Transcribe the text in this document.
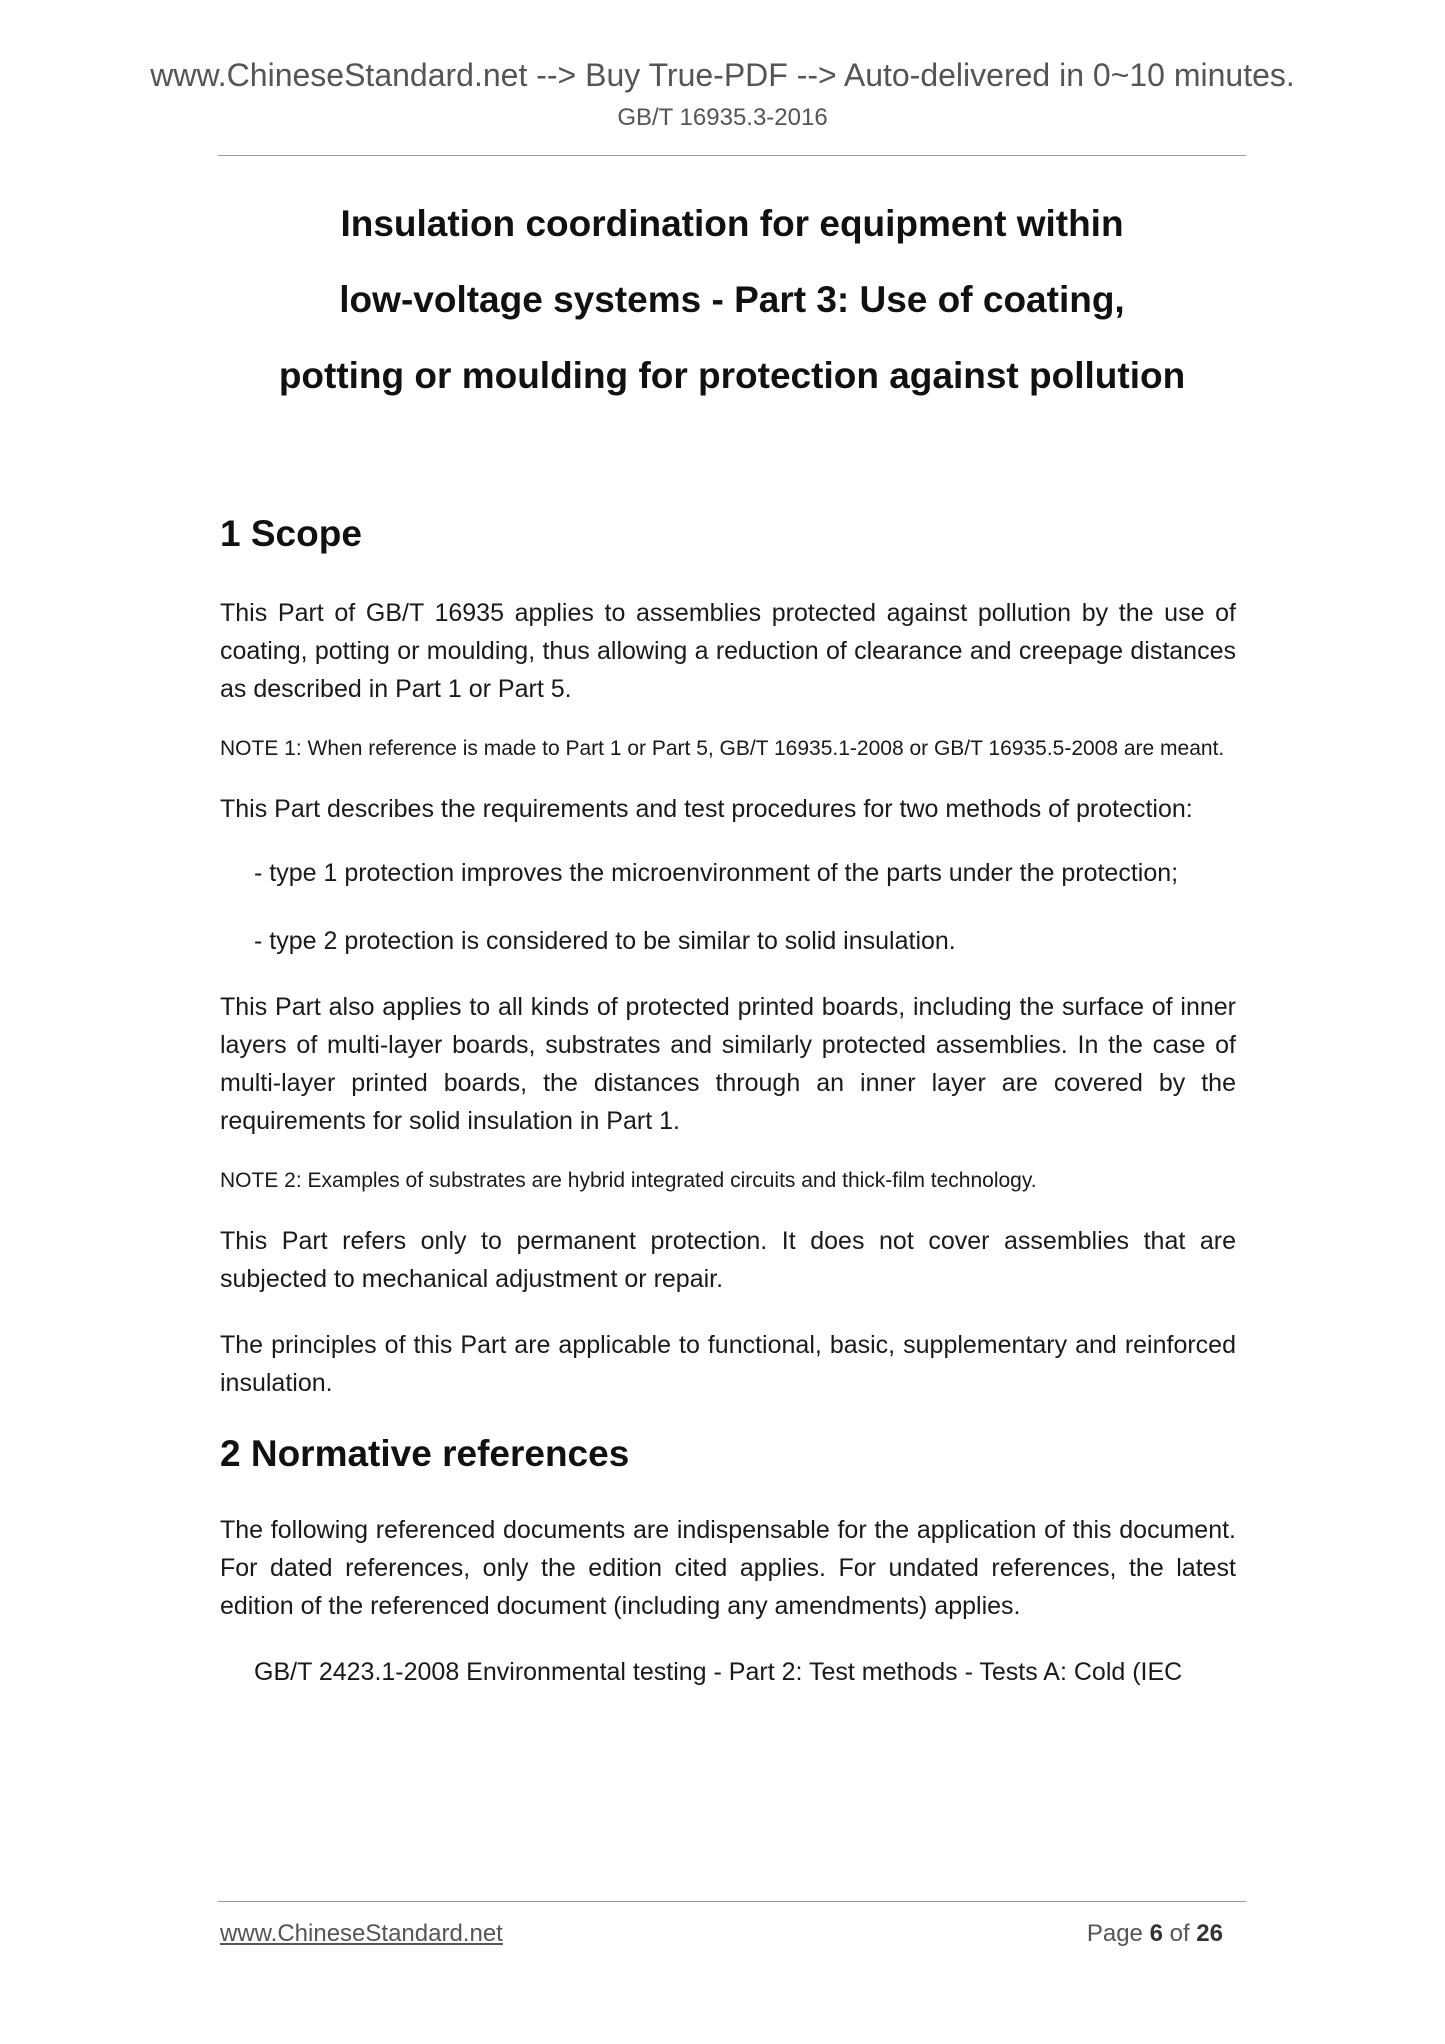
www.ChineseStandard.net --> Buy True-PDF --> Auto-delivered in 0~10 minutes.
GB/T 16935.3-2016
Insulation coordination for equipment within
low-voltage systems - Part 3: Use of coating,
potting or moulding for protection against pollution
1 Scope

This Part of GB/T 16935 applies to assemblies protected against pollution by the use of coating, potting or moulding, thus allowing a reduction of clearance and creepage distances as described in Part 1 or Part 5.

NOTE 1: When reference is made to Part 1 or Part 5, GB/T 16935.1-2008 or GB/T 16935.5-2008 are meant.

This Part describes the requirements and test procedures for two methods of protection:

- type 1 protection improves the microenvironment of the parts under the protection;

- type 2 protection is considered to be similar to solid insulation.

This Part also applies to all kinds of protected printed boards, including the surface of inner layers of multi-layer boards, substrates and similarly protected assemblies. In the case of multi-layer printed boards, the distances through an inner layer are covered by the requirements for solid insulation in Part 1.

NOTE 2: Examples of substrates are hybrid integrated circuits and thick-film technology.

This Part refers only to permanent protection. It does not cover assemblies that are subjected to mechanical adjustment or repair.

The principles of this Part are applicable to functional, basic, supplementary and reinforced insulation.

2 Normative references

The following referenced documents are indispensable for the application of this document. For dated references, only the edition cited applies. For undated references, the latest edition of the referenced document (including any amendments) applies.

GB/T 2423.1-2008 Environmental testing - Part 2: Test methods - Tests A: Cold (IEC

www.ChineseStandard.net	Page 6 of 26
